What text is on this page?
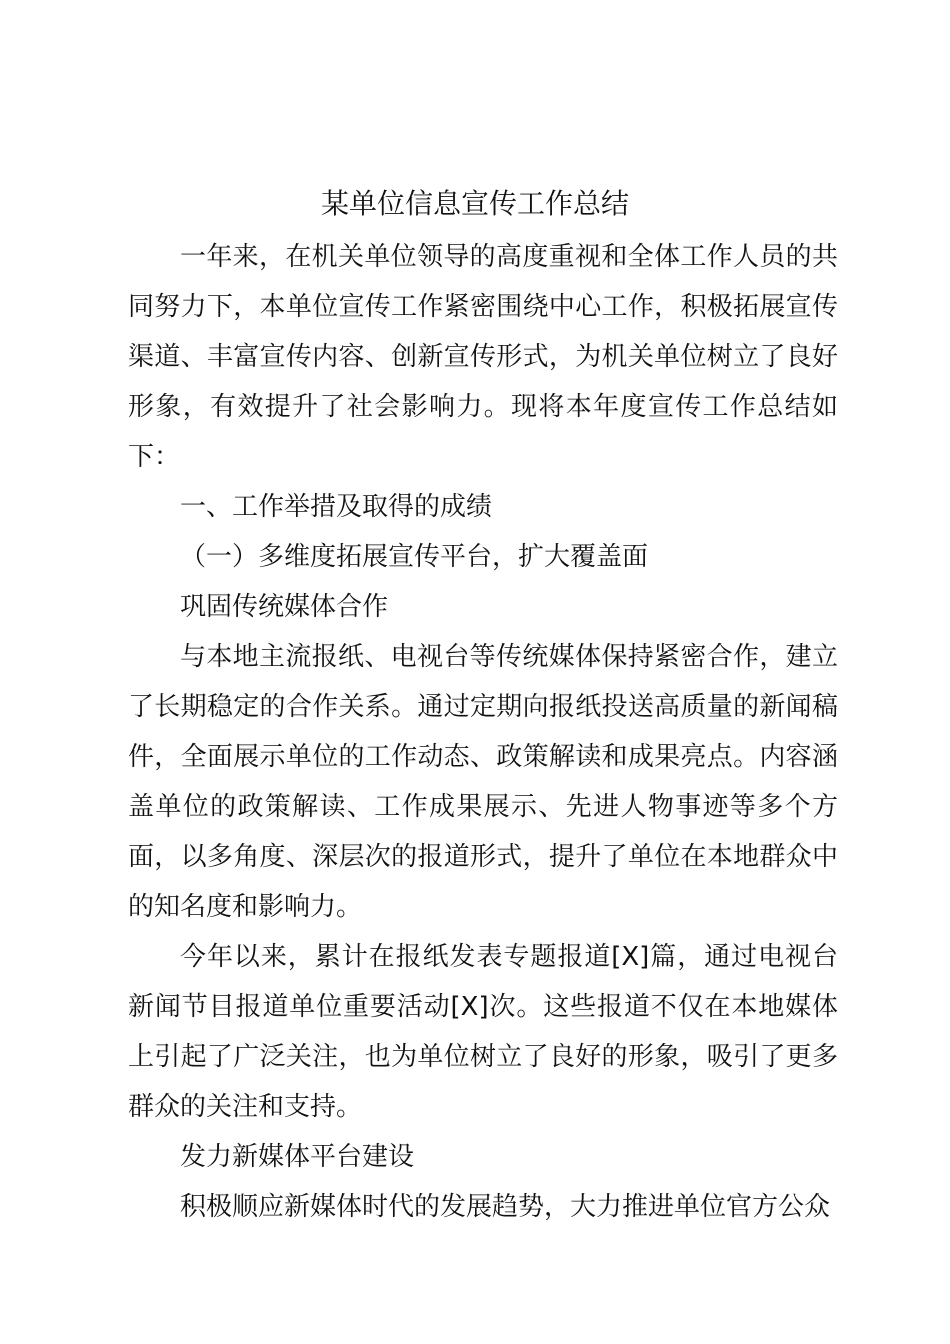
某单位信息宣传工作总结

一年来，在机关单位领导的高度重视和全体工作人员的共同努力下，本单位宣传工作紧密围绕中心工作，积极拓展宣传渠道、丰富宣传内容、创新宣传形式，为机关单位树立了良好形象，有效提升了社会影响力。现将本年度宣传工作总结如下：

一、工作举措及取得的成绩

（一）多维度拓展宣传平台，扩大覆盖面

巩固传统媒体合作

与本地主流报纸、电视台等传统媒体保持紧密合作，建立了长期稳定的合作关系。通过定期向报纸投送高质量的新闻稿件，全面展示单位的工作动态、政策解读和成果亮点。内容涵盖单位的政策解读、工作成果展示、先进人物事迹等多个方面，以多角度、深层次的报道形式，提升了单位在本地群众中的知名度和影响力。

今年以来，累计在报纸发表专题报道[X]篇，通过电视台新闻节目报道单位重要活动[X]次。这些报道不仅在本地媒体上引起了广泛关注，也为单位树立了良好的形象，吸引了更多群众的关注和支持。

发力新媒体平台建设

积极顺应新媒体时代的发展趋势，大力推进单位官方公众
